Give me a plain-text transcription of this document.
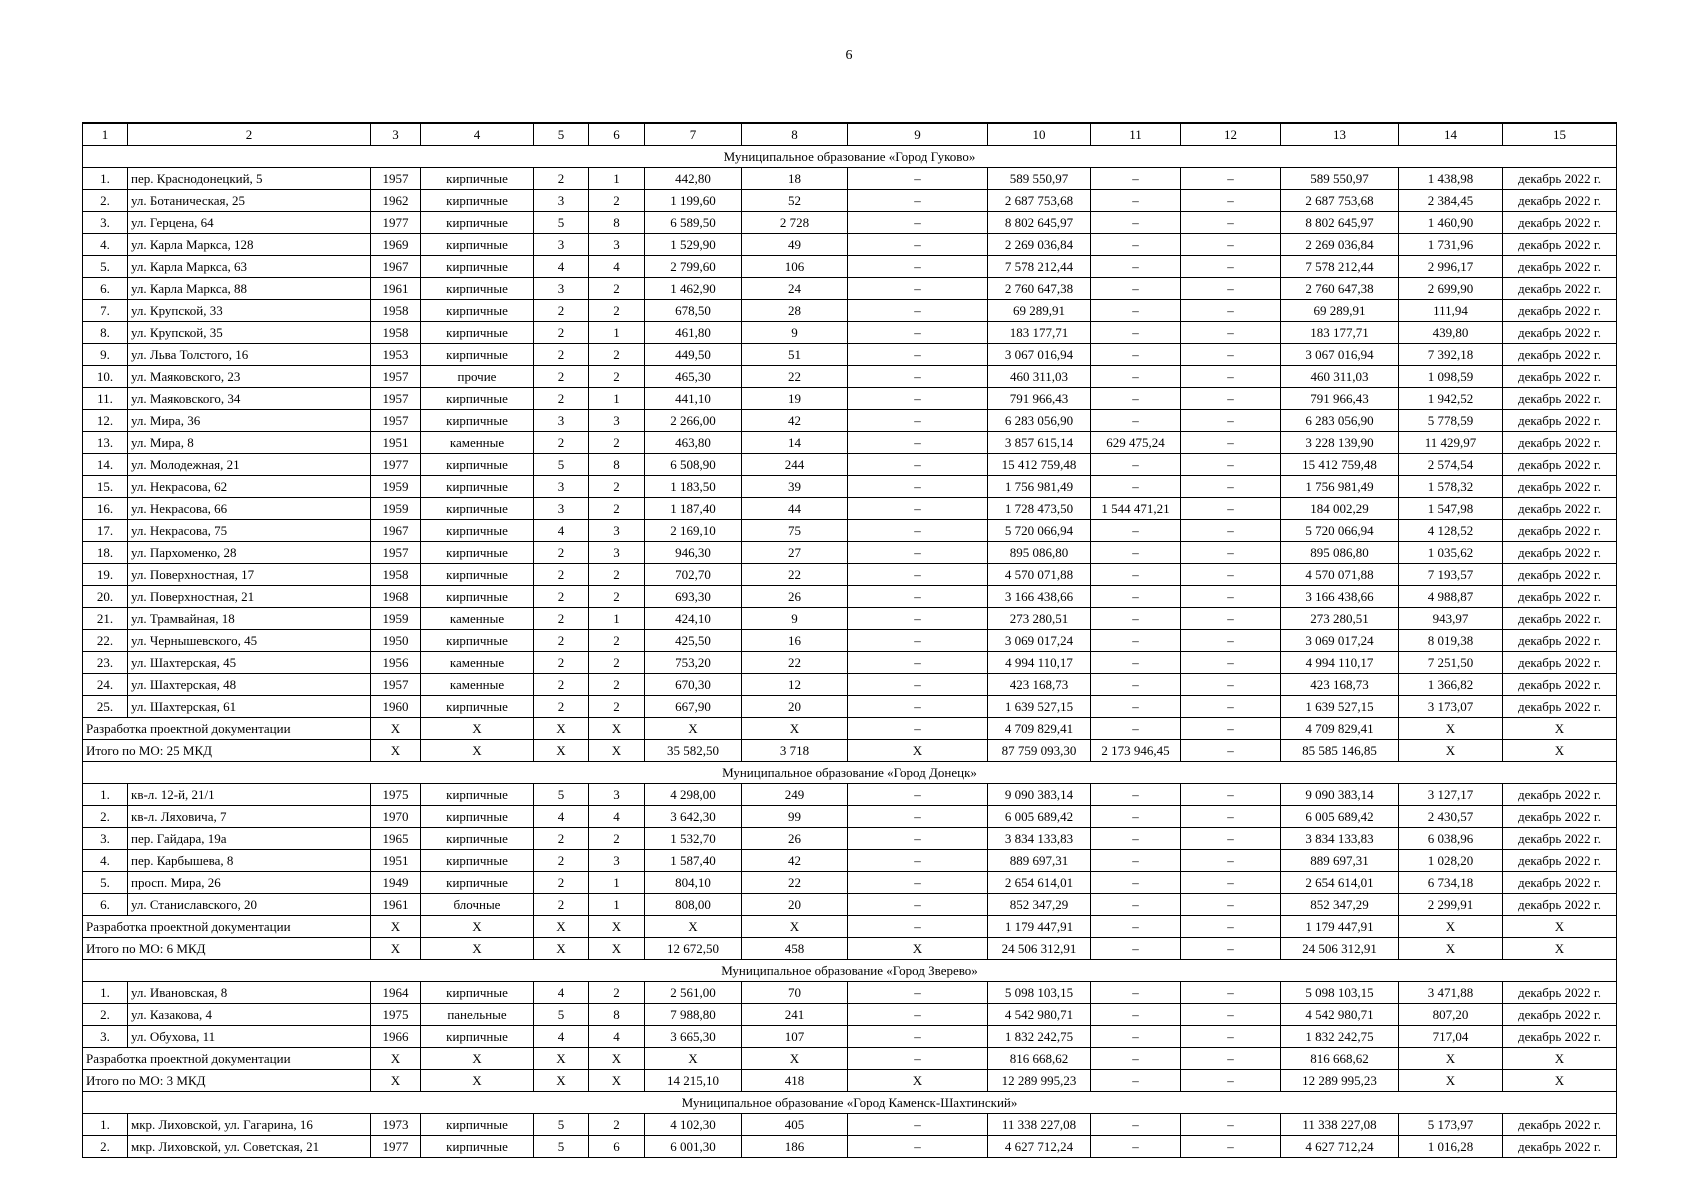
6
1	2	3	4	5	6	7	8	9	10	11	12	13	14	15
Муниципальное образование «Город Гуково»														
1.	пер. Краснодонецкий, 5	1957	кирпичные	2	1	442,80	18	–	589 550,97	–	–	589 550,97	1 438,98	декабрь 2022 г.
2.	ул. Ботаническая, 25	1962	кирпичные	3	2	1 199,60	52	–	2 687 753,68	–	–	2 687 753,68	2 384,45	декабрь 2022 г.
3.	ул. Герцена, 64	1977	кирпичные	5	8	6 589,50	2 728	–	8 802 645,97	–	–	8 802 645,97	1 460,90	декабрь 2022 г.
4.	ул. Карла Маркса, 128	1969	кирпичные	3	3	1 529,90	49	–	2 269 036,84	–	–	2 269 036,84	1 731,96	декабрь 2022 г.
5.	ул. Карла Маркса, 63	1967	кирпичные	4	4	2 799,60	106	–	7 578 212,44	–	–	7 578 212,44	2 996,17	декабрь 2022 г.
6.	ул. Карла Маркса, 88	1961	кирпичные	3	2	1 462,90	24	–	2 760 647,38	–	–	2 760 647,38	2 699,90	декабрь 2022 г.
7.	ул. Крупской, 33	1958	кирпичные	2	2	678,50	28	–	69 289,91	–	–	69 289,91	111,94	декабрь 2022 г.
8.	ул. Крупской, 35	1958	кирпичные	2	1	461,80	9	–	183 177,71	–	–	183 177,71	439,80	декабрь 2022 г.
9.	ул. Льва Толстого, 16	1953	кирпичные	2	2	449,50	51	–	3 067 016,94	–	–	3 067 016,94	7 392,18	декабрь 2022 г.
10.	ул. Маяковского, 23	1957	прочие	2	2	465,30	22	–	460 311,03	–	–	460 311,03	1 098,59	декабрь 2022 г.
11.	ул. Маяковского, 34	1957	кирпичные	2	1	441,10	19	–	791 966,43	–	–	791 966,43	1 942,52	декабрь 2022 г.
12.	ул. Мира, 36	1957	кирпичные	3	3	2 266,00	42	–	6 283 056,90	–	–	6 283 056,90	5 778,59	декабрь 2022 г.
13.	ул. Мира, 8	1951	каменные	2	2	463,80	14	–	3 857 615,14	629 475,24	–	3 228 139,90	11 429,97	декабрь 2022 г.
14.	ул. Молодежная, 21	1977	кирпичные	5	8	6 508,90	244	–	15 412 759,48	–	–	15 412 759,48	2 574,54	декабрь 2022 г.
15.	ул. Некрасова, 62	1959	кирпичные	3	2	1 183,50	39	–	1 756 981,49	–	–	1 756 981,49	1 578,32	декабрь 2022 г.
16.	ул. Некрасова, 66	1959	кирпичные	3	2	1 187,40	44	–	1 728 473,50	1 544 471,21	–	184 002,29	1 547,98	декабрь 2022 г.
17.	ул. Некрасова, 75	1967	кирпичные	4	3	2 169,10	75	–	5 720 066,94	–	–	5 720 066,94	4 128,52	декабрь 2022 г.
18.	ул. Пархоменко, 28	1957	кирпичные	2	3	946,30	27	–	895 086,80	–	–	895 086,80	1 035,62	декабрь 2022 г.
19.	ул. Поверхностная, 17	1958	кирпичные	2	2	702,70	22	–	4 570 071,88	–	–	4 570 071,88	7 193,57	декабрь 2022 г.
20.	ул. Поверхностная, 21	1968	кирпичные	2	2	693,30	26	–	3 166 438,66	–	–	3 166 438,66	4 988,87	декабрь 2022 г.
21.	ул. Трамвайная, 18	1959	каменные	2	1	424,10	9	–	273 280,51	–	–	273 280,51	943,97	декабрь 2022 г.
22.	ул. Чернышевского, 45	1950	кирпичные	2	2	425,50	16	–	3 069 017,24	–	–	3 069 017,24	8 019,38	декабрь 2022 г.
23.	ул. Шахтерская, 45	1956	каменные	2	2	753,20	22	–	4 994 110,17	–	–	4 994 110,17	7 251,50	декабрь 2022 г.
24.	ул. Шахтерская, 48	1957	каменные	2	2	670,30	12	–	423 168,73	–	–	423 168,73	1 366,82	декабрь 2022 г.
25.	ул. Шахтерская, 61	1960	кирпичные	2	2	667,90	20	–	1 639 527,15	–	–	1 639 527,15	3 173,07	декабрь 2022 г.
Разработка проектной документации		X	X	X	X	X	X	–	4 709 829,41	–	–	4 709 829,41	X	X
Итого по МО: 25 МКД		X	X	X	X	35 582,50	3 718	X	87 759 093,30	2 173 946,45	–	85 585 146,85	X	X
Муниципальное образование «Город Донецк»														
1.	кв-л. 12-й, 21/1	1975	кирпичные	5	3	4 298,00	249	–	9 090 383,14	–	–	9 090 383,14	3 127,17	декабрь 2022 г.
2.	кв-л. Ляховича, 7	1970	кирпичные	4	4	3 642,30	99	–	6 005 689,42	–	–	6 005 689,42	2 430,57	декабрь 2022 г.
3.	пер. Гайдара, 19а	1965	кирпичные	2	2	1 532,70	26	–	3 834 133,83	–	–	3 834 133,83	6 038,96	декабрь 2022 г.
4.	пер. Карбышева, 8	1951	кирпичные	2	3	1 587,40	42	–	889 697,31	–	–	889 697,31	1 028,20	декабрь 2022 г.
5.	просп. Мира, 26	1949	кирпичные	2	1	804,10	22	–	2 654 614,01	–	–	2 654 614,01	6 734,18	декабрь 2022 г.
6.	ул. Станиславского, 20	1961	блочные	2	1	808,00	20	–	852 347,29	–	–	852 347,29	2 299,91	декабрь 2022 г.
Разработка проектной документации		X	X	X	X	X	X	–	1 179 447,91	–	–	1 179 447,91	X	X
Итого по МО: 6 МКД		X	X	X	X	12 672,50	458	X	24 506 312,91	–	–	24 506 312,91	X	X
Муниципальное образование «Город Зверево»														
1.	ул. Ивановская, 8	1964	кирпичные	4	2	2 561,00	70	–	5 098 103,15	–	–	5 098 103,15	3 471,88	декабрь 2022 г.
2.	ул. Казакова, 4	1975	панельные	5	8	7 988,80	241	–	4 542 980,71	–	–	4 542 980,71	807,20	декабрь 2022 г.
3.	ул. Обухова, 11	1966	кирпичные	4	4	3 665,30	107	–	1 832 242,75	–	–	1 832 242,75	717,04	декабрь 2022 г.
Разработка проектной документации		X	X	X	X	X	X	–	816 668,62	–	–	816 668,62	X	X
Итого по МО: 3 МКД		X	X	X	X	14 215,10	418	X	12 289 995,23	–	–	12 289 995,23	X	X
Муниципальное образование «Город Каменск-Шахтинский»														
1.	мкр. Лиховской, ул. Гагарина, 16	1973	кирпичные	5	2	4 102,30	405	–	11 338 227,08	–	–	11 338 227,08	5 173,97	декабрь 2022 г.
2.	мкр. Лиховской, ул. Советская, 21	1977	кирпичные	5	6	6 001,30	186	–	4 627 712,24	–	–	4 627 712,24	1 016,28	декабрь 2022 г.
